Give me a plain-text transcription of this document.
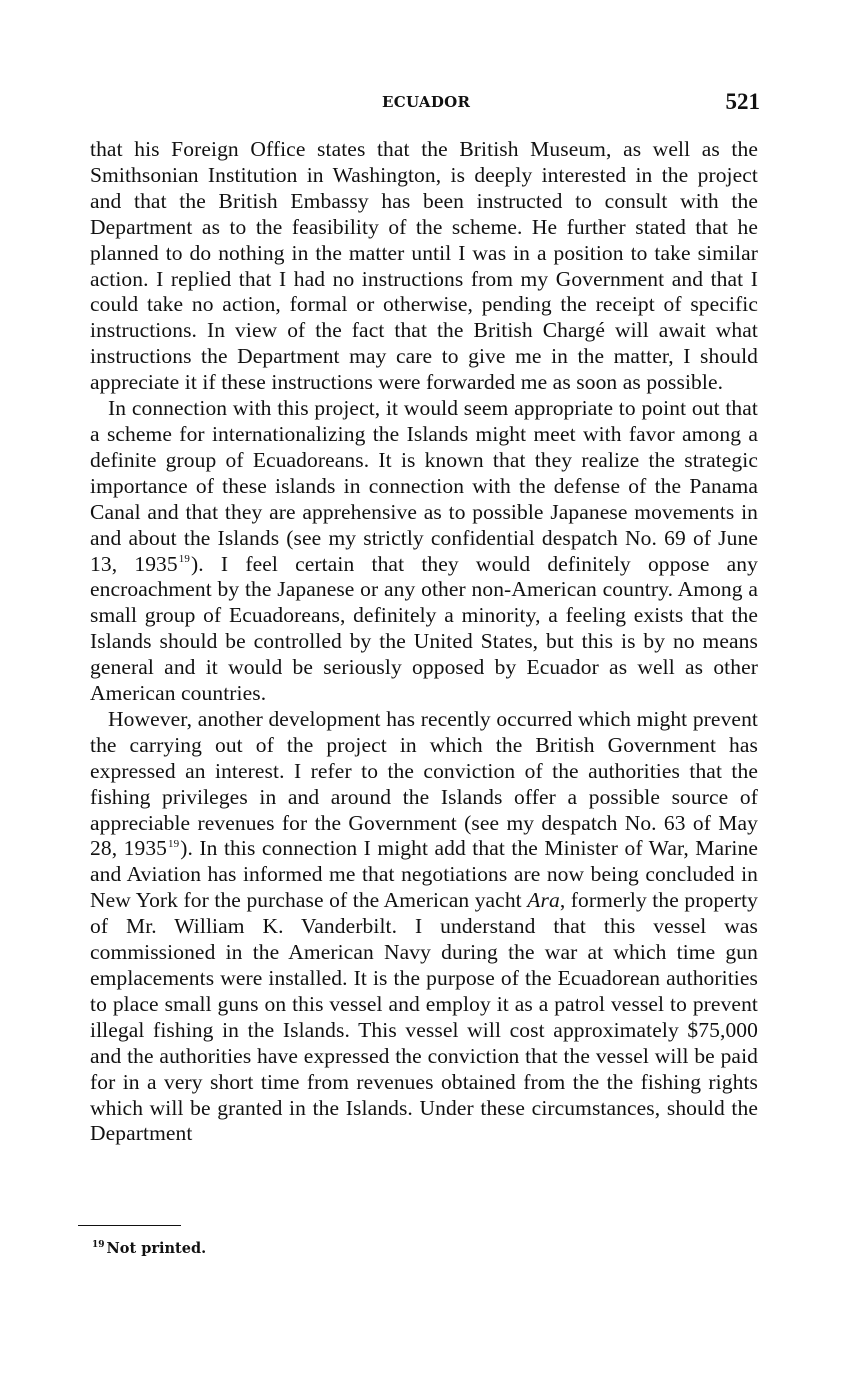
ECUADOR	521

that his Foreign Office states that the British Museum, as well as the Smithsonian Institution in Washington, is deeply interested in the project and that the British Embassy has been instructed to consult with the Department as to the feasibility of the scheme. He further stated that he planned to do nothing in the matter until I was in a position to take similar action. I replied that I had no instructions from my Government and that I could take no action, formal or otherwise, pending the receipt of specific instructions. In view of the fact that the British Chargé will await what instructions the Department may care to give me in the matter, I should appreciate it if these instructions were forwarded me as soon as possible.

In connection with this project, it would seem appropriate to point out that a scheme for internationalizing the Islands might meet with favor among a definite group of Ecuadoreans. It is known that they realize the strategic importance of these islands in connection with the defense of the Panama Canal and that they are apprehensive as to possible Japanese movements in and about the Islands (see my strictly confidential despatch No. 69 of June 13, 1935$^{19}$). I feel certain that they would definitely oppose any encroachment by the Japanese or any other non-American country. Among a small group of Ecuadoreans, definitely a minority, a feeling exists that the Islands should be controlled by the United States, but this is by no means general and it would be seriously opposed by Ecuador as well as other American countries.

However, another development has recently occurred which might prevent the carrying out of the project in which the British Government has expressed an interest. I refer to the conviction of the authorities that the fishing privileges in and around the Islands offer a possible source of appreciable revenues for the Government (see my despatch No. 63 of May 28, 1935$^{19}$). In this connection I might add that the Minister of War, Marine and Aviation has informed me that negotiations are now being concluded in New York for the purchase of the American yacht Ara, formerly the property of Mr. William K. Vanderbilt. I understand that this vessel was commissioned in the American Navy during the war at which time gun emplacements were installed. It is the purpose of the Ecuadorean authorities to place small guns on this vessel and employ it as a patrol vessel to prevent illegal fishing in the Islands. This vessel will cost approximately $75,000 and the authorities have expressed the conviction that the vessel will be paid for in a very short time from revenues obtained from the the fishing rights which will be granted in the Islands. Under these circumstances, should the Department

$^{19}$ Not printed.
